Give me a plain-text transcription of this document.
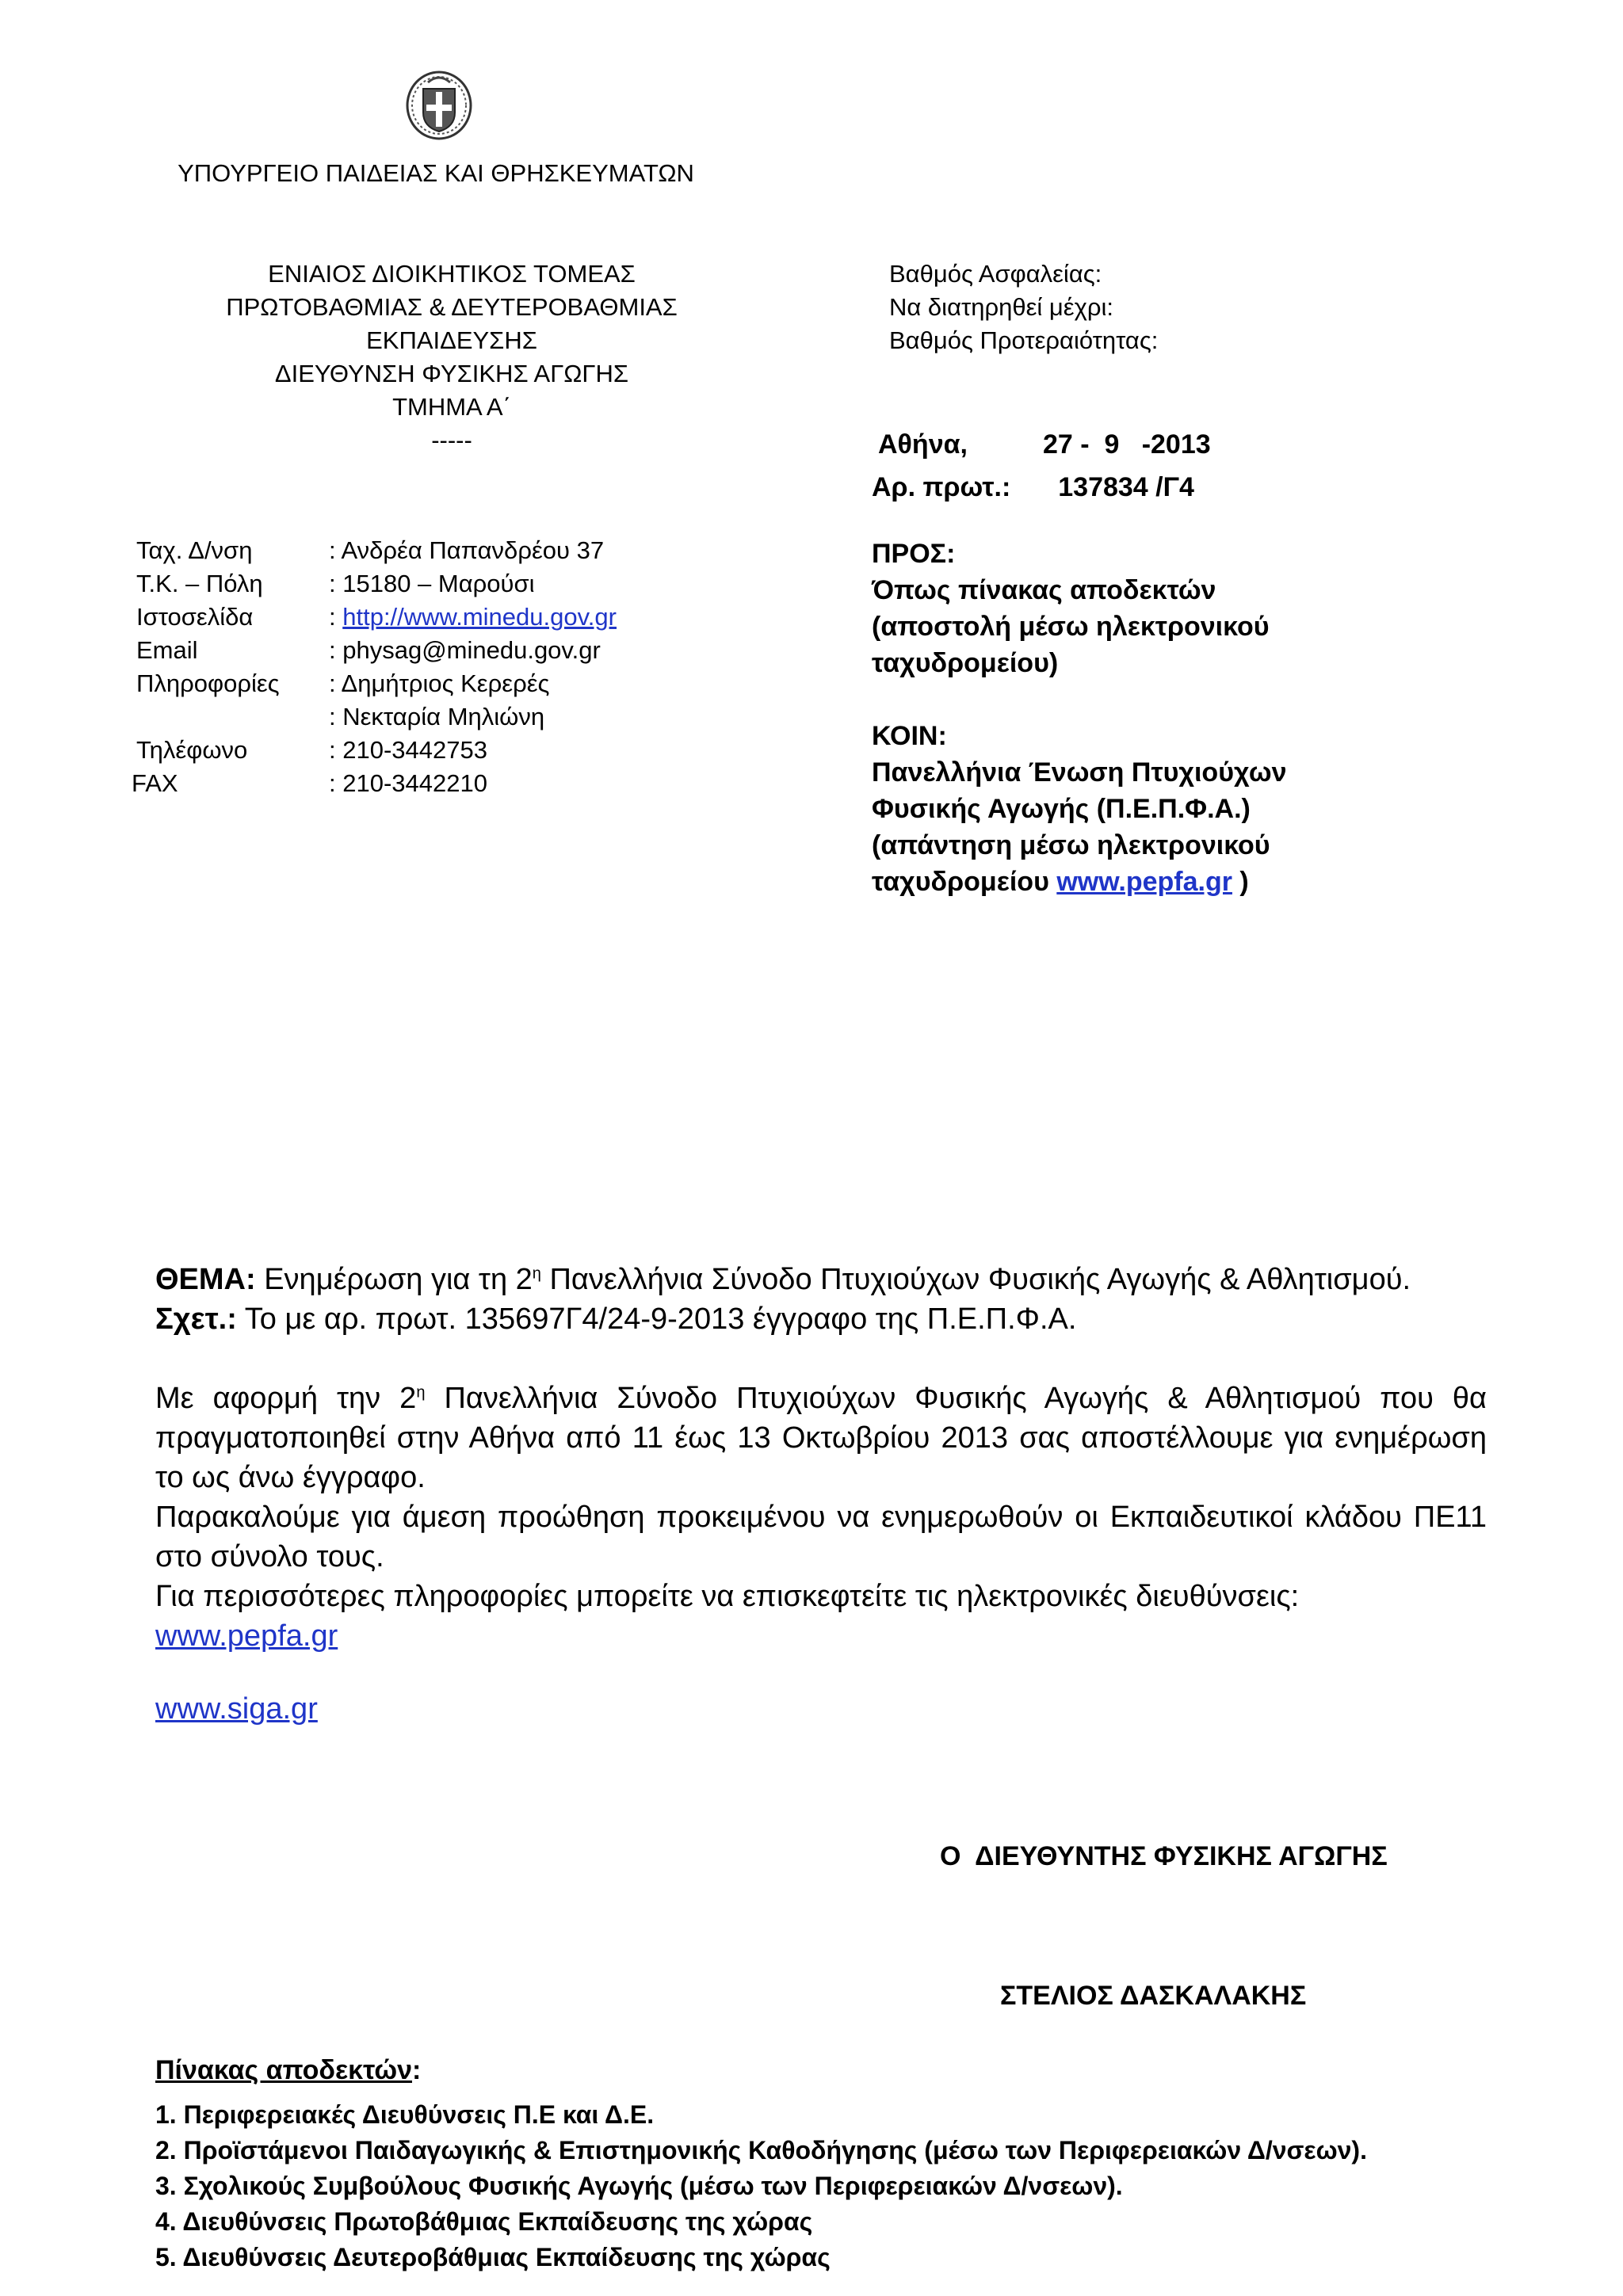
ΥΠΟΥΡΓΕΙΟ ΠΑΙΔΕΙΑΣ ΚΑΙ ΘΡΗΣΚΕΥΜΑΤΩΝ
ΕΝΙΑΙΟΣ ΔΙΟΙΚΗΤΙΚΟΣ ΤΟΜΕΑΣ
ΠΡΩΤΟΒΑΘΜΙΑΣ & ΔΕΥΤΕΡΟΒΑΘΜΙΑΣ
ΕΚΠΑΙΔΕΥΣΗΣ
ΔΙΕΥΘΥΝΣΗ ΦΥΣΙΚΗΣ ΑΓΩΓΗΣ
ΤΜΗΜΑ Α΄
-----
Βαθμός Ασφαλείας:
Να διατηρηθεί μέχρι:
Βαθμός Προτεραιότητας:
Αθήνα,	27 -  9   -2013
Αρ. πρωτ.: 137834 /Γ4
Ταχ. Δ/νση	: Ανδρέα Παπανδρέου 37
Τ.Κ. – Πόλη	: 15180 – Μαρούσι
Ιστοσελίδα	: http://www.minedu.gov.gr
Email	: physag@minedu.gov.gr
Πληροφορίες	: Δημήτριος Κερερές
: Νεκταρία Μηλιώνη
Τηλέφωνο	: 210-3442753
FAX	: 210-3442210
ΠΡΟΣ:
Όπως πίνακας αποδεκτών
(αποστολή μέσω ηλεκτρονικού
ταχυδρομείου)
ΚΟΙΝ:
Πανελλήνια Ένωση Πτυχιούχων
Φυσικής Αγωγής (Π.Ε.Π.Φ.Α.)
(απάντηση μέσω ηλεκτρονικού
ταχυδρομείου www.pepfa.gr )
ΘΕΜΑ: Ενημέρωση για τη $2^\eta$ Πανελλήνια Σύνοδο Πτυχιούχων Φυσικής Αγωγής & Αθλητισμού.
Σχετ.: Το με αρ. πρωτ. 135697Γ4/24-9-2013 έγγραφο της Π.Ε.Π.Φ.Α.
Με αφορμή την $2^\eta$ Πανελλήνια Σύνοδο Πτυχιούχων Φυσικής Αγωγής & Αθλητισμού που θα πραγματοποιηθεί στην Αθήνα από 11 έως 13 Οκτωβρίου 2013 σας αποστέλλουμε για ενημέρωση το ως άνω έγγραφο.
Παρακαλούμε για άμεση προώθηση προκειμένου να ενημερωθούν οι Εκπαιδευτικοί κλάδου ΠΕ11 στο σύνολο τους.
Για περισσότερες πληροφορίες μπορείτε να επισκεφτείτε τις ηλεκτρονικές διευθύνσεις:
www.pepfa.gr
www.siga.gr
Ο  ΔΙΕΥΘΥΝΤΗΣ ΦΥΣΙΚΗΣ ΑΓΩΓΗΣ
ΣΤΕΛΙΟΣ ΔΑΣΚΑΛΑΚΗΣ
Πίνακας αποδεκτών:
1. Περιφερειακές Διευθύνσεις Π.Ε και Δ.Ε.
2. Προϊστάμενοι Παιδαγωγικής & Επιστημονικής Καθοδήγησης (μέσω των Περιφερειακών Δ/νσεων).
3. Σχολικούς Συμβούλους Φυσικής Αγωγής (μέσω των Περιφερειακών Δ/νσεων).
4. Διευθύνσεις Πρωτοβάθμιας Εκπαίδευσης της χώρας
5. Διευθύνσεις Δευτεροβάθμιας Εκπαίδευσης της χώρας
